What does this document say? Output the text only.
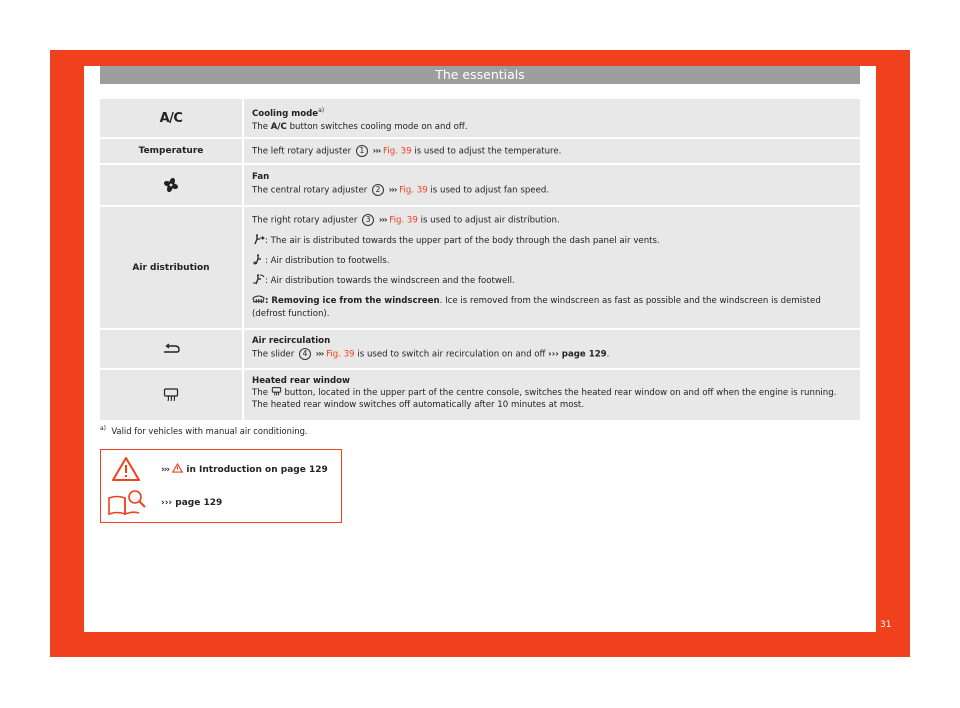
The essentials
A/C	Cooling mode$^{a)}$
The A/C button switches cooling mode on and off.
Temperature	The left rotary adjuster 1 ››› Fig. 39 is used to adjust the temperature.
Fan
The central rotary adjuster 2 ››› Fig. 39 is used to adjust fan speed.
Air distribution
The right rotary adjuster 3 ››› Fig. 39 is used to adjust air distribution.
: The air is distributed towards the upper part of the body through the dash panel air vents.
: Air distribution to footwells.
: Air distribution towards the windscreen and the footwell.
: Removing ice from the windscreen. Ice is removed from the windscreen as fast as possible and the windscreen is demisted (defrost function).
Air recirculation
The slider 4 ››› Fig. 39 is used to switch air recirculation on and off ››› page 129.
Heated rear window
The button, located in the upper part of the centre console, switches the heated rear window on and off when the engine is running. The heated rear window switches off automatically after 10 minutes at most.
$^{a)}$ Valid for vehicles with manual air conditioning.
››› in Introduction on page 129
››› page 129
31
